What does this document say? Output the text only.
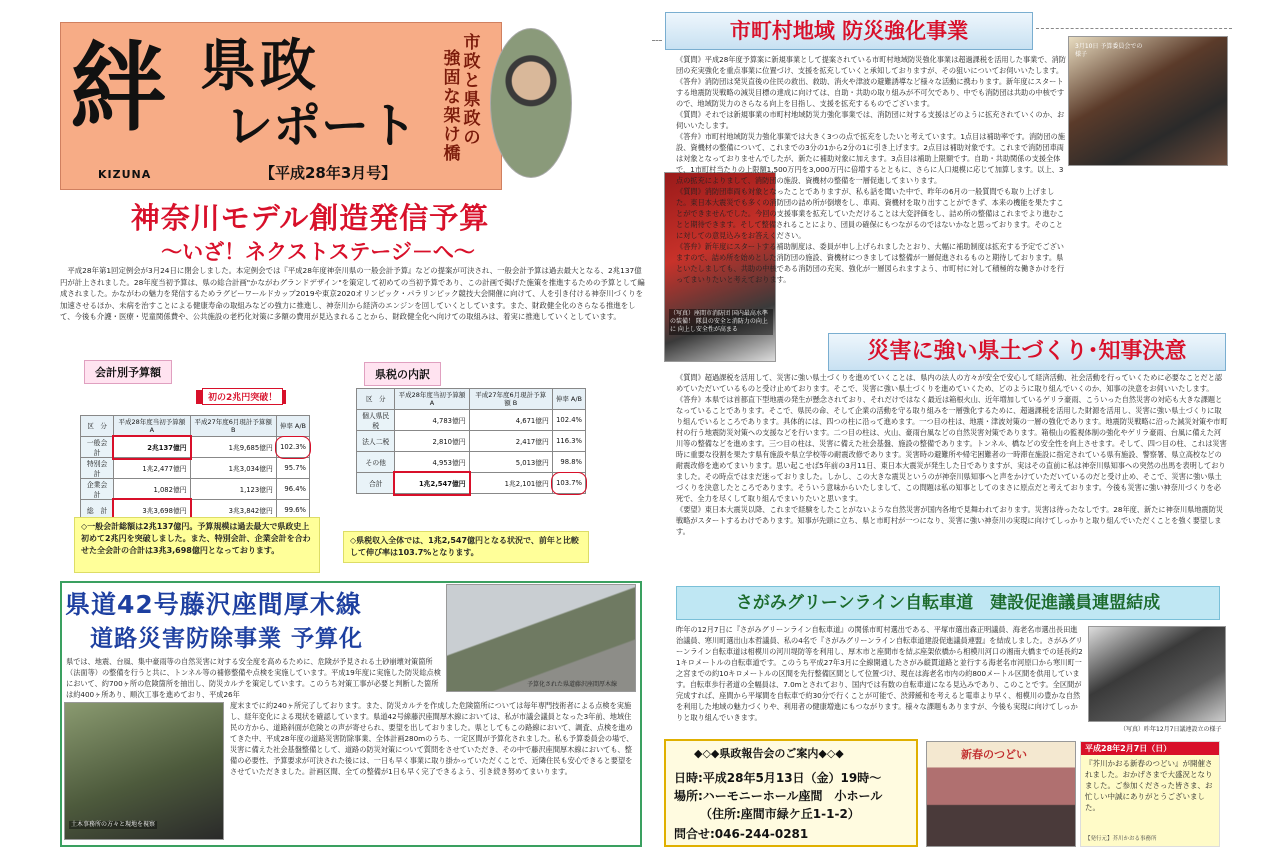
絆
KIZUNA
県政
レポート
【平成28年3月号】
市政と県政の
強固な架け橋
神奈川モデル創造発信予算
～いざ！ネクストステージ－へ～
　平成28年第1回定例会が3月24日に閉会しました。本定例会では『平成28年度神奈川県の一般会計予算』などの提案が可決され、一般会計予算は過去最大となる、2兆137億円が計上されました。28年度当初予算は、県の総合計画"かながわグランドデザイン"を策定して初めての当初予算であり、この計画で掲げた施策を推進するための予算として編成されました。かながわの魅力を発信するためラグビーワールドカップ2019や東京2020オリンピック・パラリンピック競技大会開催に向けて、人を引き付ける神奈川づくりを加速させるほか、未病を治すことによる健康寿命の取組みなどの強力に推進し、神奈川から経済のエンジンを回していくとしています。また、財政健全化のさらなる推進をして、今後も介護・医療・児童関係費や、公共施設の老朽化対策に多額の費用が見込まれることから、財政健全化へ向けての取組みは、着実に推進していくとしています。
会計別予算額
初の2兆円突破！
区　分	平成28年度当初予算額 A	平成27年度6月現計予算額 B	伸率 A/B
一般会計	2兆137億円	1兆9,685億円	102.3%
特別会計	1兆2,477億円	1兆3,034億円	95.7%
企業会計	1,082億円	1,123億円	96.4%
総　計	3兆3,698億円	3兆3,842億円	99.6%
県税の内訳
区　分	平成28年度当初予算額 A	平成27年度6月現計予算額 B	伸率 A/B
個人県民税	4,783億円	4,671億円	102.4%
法人二税	2,810億円	2,417億円	116.3%
その他	4,953億円	5,013億円	98.8%
合計	1兆2,547億円	1兆2,101億円	103.7%
◇一般会計総額は2兆137億円。予算規模は過去最大で県政史上初めて2兆円を突破しました。また、特別会計、企業会計を合わせた全会計の合計は3兆3,698億円となっております。
◇県税収入全体では、1兆2,547億円となる状況で、前年と比較して伸び率は103.7%となります。
県道42号藤沢座間厚木線
道路災害防除事業 予算化
予算化された県道藤沢座間厚木線
県では、地震、台風、集中豪雨等の自然災害に対する安全度を高めるために、危険が予見される土砂崩壊対策箇所（法面等）の整備を行うと共に、トンネル等の補修整備や点検を実施しています。平成19年度に実施した防災総点検において、約700ヶ所の危険箇所を抽出し、防災カルテを策定しています。このうち対策工事が必要と判断した箇所は約400ヶ所あり、順次工事を進めており、平成26年
土木事務所の方々と現地を視察
度末までに約240ヶ所完了しております。また、防災カルテを作成した危険箇所については毎年専門技術者による点検を実施し、経年変化による現状を確認しています。県道42号線藤沢座間厚木線においては、私が市議会議員となった3年前、地域住民の方から、道路斜面が危険との声が寄せられ、要望を出しておりました。県としてもこの路線において、調査、点検を進めてきた中、平成28年度の道路災害防除事業、全体計画280mのうち、一定区間が予算化されました。私も予算委員会の場で、災害に備えた社会基盤整備として、道路の防災対策について質問をさせていただき、その中で藤沢座間厚木線においても、整備の必要性、予算要求が可決された後には、一日も早く事業に取り掛かっていただくことで、近隣住民も安心できると要望をさせていただきました。計画区間、全ての整備が1日も早く完了できるよう、引き続き努めてまいります。
市町村地域 防災強化事業
3月10日 予算委員会での様子
（写真）座間市消防団 国内最高水準の装備！ 隊員の安全と消防力の向上に 向上し安全性が高まる
《質問》平成28年度予算案に新規事業として提案されている市町村地域防災強化事業は超過課税を活用した事業で、消防団の充実強化を重点事業に位置づけ、支援を拡充していくと承知しておりますが、その狙いについてお伺いいたします。
《答弁》消防団は発災直後の住民の救出、救助、消火や津波の避難誘導など様々な活動に携わります。新年度にスタートする地震防災戦略の減災目標の達成に向けては、自助・共助の取り組みが不可欠であり、中でも消防団は共助の中核ですので、地域防災力のさらなる向上を目指し、支援を拡充するものでございます。
《質問》それでは新規事業の市町村地域防災力強化事業では、消防団に対する支援はどのように拡充されていくのか、お伺いいたします。
《答弁》市町村地域防災力強化事業では大きく3つの点で拡充をしたいと考えています。1点目は補助率です。消防団の施設、資機材の整備について、これまでの3分の1から2分の1に引き上げます。2点目は補助対象です。これまで消防団車両は対象となっておりませんでしたが、新たに補助対象に加えます。3点目は補助上限額です。自助・共助関係の支援全体で、1市町村当たりの上限額1,500万円を3,000万円に倍増するとともに、さらに人口規模に応じて加算します。以上、3点の拡充によりまして、消防団の施設、資機材の整備を一層促進してまいります。
《質問》消防団車両も対象となったことでありますが、私も話を聞いた中で、昨年の6月の一般質問でも取り上げました。東日本大震災でも多くの消防団の詰め所が倒壊をし、車両、資機材を取り出すことができず、本来の機能を果たすことができませんでした。今回の支援事業を拡充していただけることは大変評価をし、詰め所の整備はこれまでより進むことと期待できます。そして整備されることにより、団員の確保にもつながるのではないかなと思っております。そのことに対しての意見込みをお答えください。
《答弁》新年度にスタートする補助制度は、委員が申し上げられましたとおり、大幅に補助制度は拡充する予定でございますので、詰め所を始めとした消防団の施設、資機材につきましては整備が一層促進されるものと期待しております。県といたしましても、共助の中核である消防団の充実、強化が一層図られますよう、市町村に対して積極的な働きかけを行ってまいりたいと考えております。
災害に強い県土づくり･知事決意
《質問》超過課税を活用して、災害に強い県土づくりを進めていくことは、県内の法人の方々が安全で安心して経済活動、社会活動を行っていくために必要なことだと認めていただいているものと受け止めております。そこで、災害に強い県土づくりを進めていくため、どのように取り組んでいくのか、知事の決意をお伺いいたします。
《答弁》本県では首都直下型地震の発生が懸念されており、それだけではなく最近は箱根火山、近年増加しているゲリラ豪雨、こういった自然災害の対応も大きな課題となっていることであります。そこで、県民の命、そして企業の活動を守る取り組みを一層強化するために、超過課税を活用した財源を活用し、災害に強い県土づくりに取り組んでいるところであります。具体的には、四つの柱に沿って進めます。一つ目の柱は、地震・津波対策の一層の強化であります。地震防災戦略に沿った減災対策や市町村の行う地震防災対策への支援などを行います。二つ目の柱は、火山、豪雨台風などの自然災害対策であります。箱根山の監視体制の強化やゲリラ豪雨、台風に備えた河川等の整備などを進めます。三つ目の柱は、災害に備えた社会基盤、施設の整備であります。トンネル、橋などの安全性を向上させます。そして、四つ目の柱、これは災害時に重要な役割を果たす県有施設や県立学校等の耐震改修であります。災害時の避難所や帰宅困難者の一時滞在施設に指定されている県有施設、警察署、県立高校などの耐震改修を進めてまいります。思い起こせば5年前の3月11日、東日本大震災が発生した日でありますが、実はその直前に私は神奈川県知事への突然の出馬を表明しておりました。その時点ではまだ迷っておりました。しかし、この大きな震災というのが神奈川県知事へと声をかけていただいているのだと受け止め、そこで、災害に強い県土づくりを決意したところであります。そういう意味からいたしまして、この問題は私の知事としてのまさに原点だと考えております。今後も災害に強い神奈川づくりを必死で、全力を尽くして取り組んでまいりたいと思います。
《要望》東日本大震災以降、これまで経験をしたことがないような自然災害が国内各地で見舞われております。災害は待ったなしです。28年度、新たに神奈川県地震防災戦略がスタートするわけであります。知事が先頭に立ち、県と市町村が一つになり、災害に強い神奈川の実現に向けてしっかりと取り組んでいただくことを強く要望します。
さがみグリーンライン自転車道　建設促進議員連盟結成
昨年の12月7日に『さがみグリーンライン自転車道』の関係市町村選出である、平塚市選出森正明議員、海老名市選出長田進治議員、寒川町選出山本哲議員、私の4名で『さがみグリーンライン自転車道建設促進議員連盟』を結成しました。さがみグリーンライン自転車道は相模川の河川堤防等を利用し、厚木市と座間市を結ぶ座架依橋から相模川河口の湘南大橋までの延長約21キロメートルの自転車道です。このうち平成27年3月に全線開通したさがみ縦貫道路と並行する海老名市河原口から寒川町一之宮までの約10キロメートルの区間を先行整備区間として位置づけ、現在は海老名市内の約800メートル区間を供用しています。自転車歩行者道の全幅員は、7.0mとされており、国内では有数の自転車道になる見込みであり、このことです。全区間が完成すれば、座間から平塚間を自転車で約30分で行くことが可能で、渋滞緩和を考えると電車より早く、相模川の豊かな自然を利用した地域の魅力づくりや、利用者の健康増進にもつながります。様々な課題もありますが、今後も実現に向けてしっかりと取り組んでいきます。
（写真）昨年12月7日議連設立の様子
◆◇◆県政報告会のご案内◆◇◆
日時:平成28年5月13日（金）19時～
場所:ハーモニーホール座間　小ホール
（住所:座間市緑ケ丘1-1-2）
問合せ:046-244-0281
新春のつどい	平成28年2月7日（日）
『芥川かおる新春のつどい』が開催されました。おかげさまで大盛況となりました。ご参加くださった皆さま、お忙しい中誠にありがとうございました。
【発行元】芥川かおる事務所
